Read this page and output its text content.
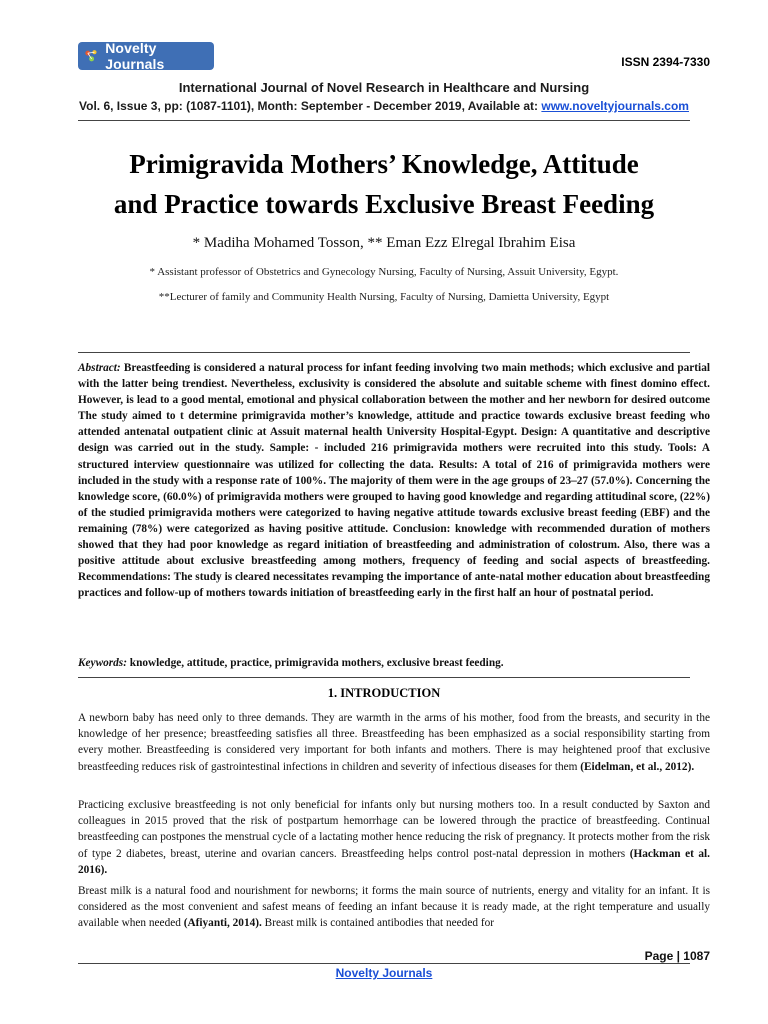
Novelty Journals	ISSN 2394-7330
International Journal of Novel Research in Healthcare and Nursing
Vol. 6, Issue 3, pp: (1087-1101), Month: September - December 2019, Available at: www.noveltyjournals.com
Primigravida Mothers’ Knowledge, Attitude
and Practice towards Exclusive Breast Feeding
* Madiha Mohamed Tosson, ** Eman Ezz Elregal Ibrahim Eisa
* Assistant professor of Obstetrics and Gynecology Nursing, Faculty of Nursing, Assuit University, Egypt.
**Lecturer of family and Community Health Nursing, Faculty of Nursing, Damietta University, Egypt
Abstract: Breastfeeding is considered a natural process for infant feeding involving two main methods; which exclusive and partial with the latter being trendiest. Nevertheless, exclusivity is considered the absolute and suitable scheme with finest domino effect. However, is lead to a good mental, emotional and physical collaboration between the mother and her newborn for desired outcome The study aimed to t determine primigravida mother’s knowledge, attitude and practice towards exclusive breast feeding who attended antenatal outpatient clinic at Assuit maternal health University Hospital-Egypt. Design: A quantitative and descriptive design was carried out in the study. Sample: - included 216 primigravida mothers were recruited into this study. Tools: A structured interview questionnaire was utilized for collecting the data. Results: A total of 216 of primigravida mothers were included in the study with a response rate of 100%. The majority of them were in the age groups of 23–27 (57.0%). Concerning the knowledge score, (60.0%) of primigravida mothers were grouped to having good knowledge and regarding attitudinal score, (22%) of the studied primigravida mothers were categorized to having negative attitude towards exclusive breast feeding (EBF) and the remaining (78%) were categorized as having positive attitude. Conclusion: knowledge with recommended duration of mothers showed that they had poor knowledge as regard initiation of breastfeeding and administration of colostrum. Also, there was a positive attitude about exclusive breastfeeding among mothers, frequency of feeding and social aspects of breastfeeding. Recommendations: The study is cleared necessitates revamping the importance of ante-natal mother education about breastfeeding practices and follow-up of mothers towards initiation of breastfeeding early in the first half an hour of postnatal period.
Keywords: knowledge, attitude, practice, primigravida mothers, exclusive breast feeding.
1. INTRODUCTION
A newborn baby has need only to three demands. They are warmth in the arms of his mother, food from the breasts, and security in the knowledge of her presence; breastfeeding satisfies all three. Breastfeeding has been emphasized as a social responsibility starting from every mother. Breastfeeding is considered very important for both infants and mothers. There is may heightened proof that exclusive breastfeeding reduces risk of gastrointestinal infections in children and severity of infectious diseases for them (Eidelman, et al., 2012).
Practicing exclusive breastfeeding is not only beneficial for infants only but nursing mothers too. In a result conducted by Saxton and colleagues in 2015 proved that the risk of postpartum hemorrhage can be lowered through the practice of breastfeeding. Continual breastfeeding can postpones the menstrual cycle of a lactating mother hence reducing the risk of pregnancy. It protects mother from the risk of type 2 diabetes, breast, uterine and ovarian cancers. Breastfeeding helps control post-natal depression in mothers (Hackman et al. 2016).
Breast milk is a natural food and nourishment for newborns; it forms the main source of nutrients, energy and vitality for an infant. It is considered as the most convenient and safest means of feeding an infant because it is ready made, at the right temperature and usually available when needed (Afiyanti, 2014). Breast milk is contained antibodies that needed for
Page | 1087
Novelty Journals
